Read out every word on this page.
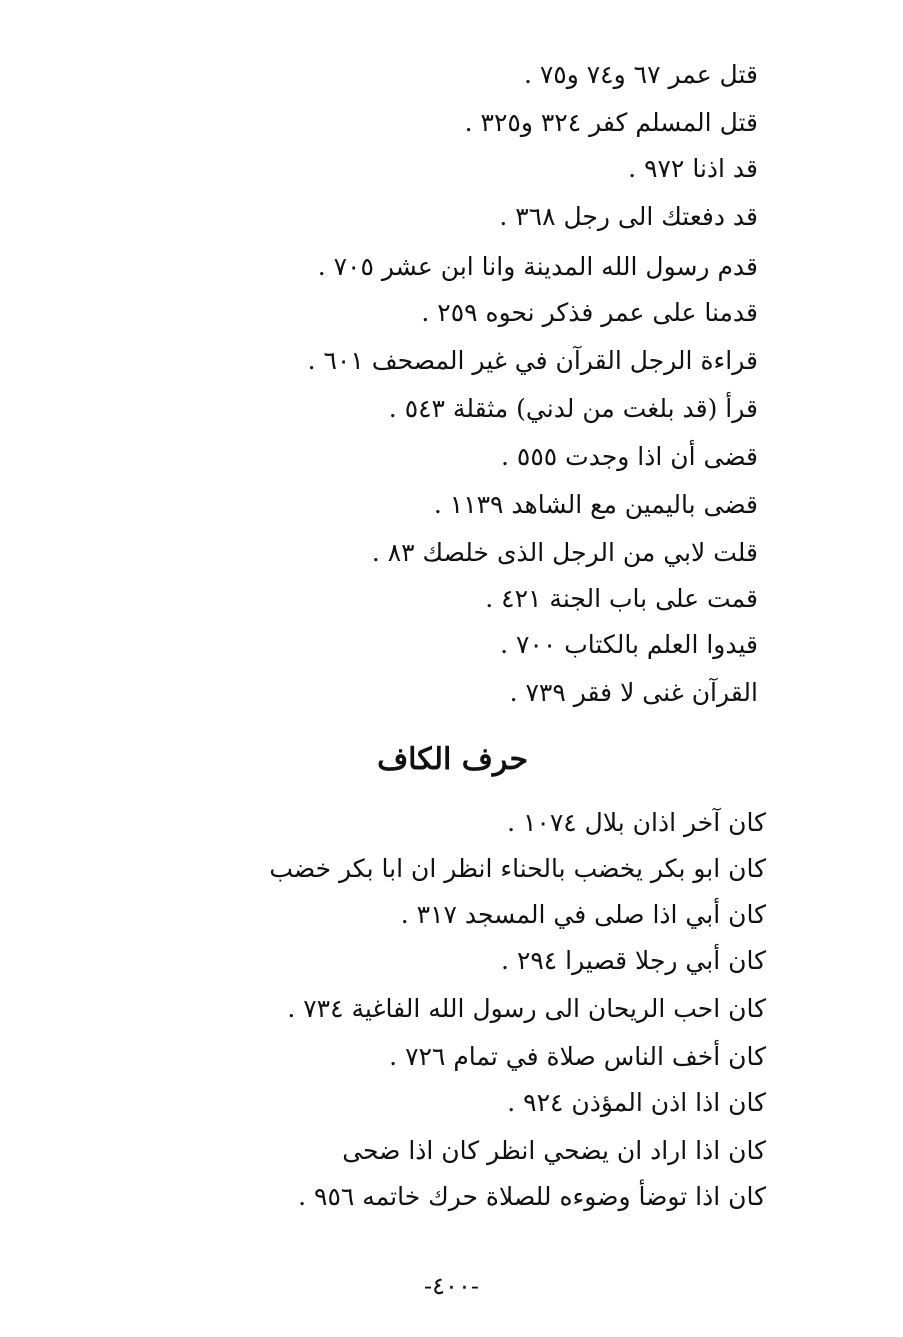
قتل عمر ٦٧ و٧٤ و٧٥ .
قتل المسلم كفر ٣٢٤ و٣٢٥ .
قد اذنا ٩٧٢ .
قد دفعتك الى رجل ٣٦٨ .
قدم رسول الله المدينة وانا ابن عشر ٧٠٥ .
قدمنا على عمر فذكر نحوه ٢٥٩ .
قراءة الرجل القرآن في غير المصحف ٦٠١ .
قرأ (قد بلغت من لدني) مثقلة ٥٤٣ .
قضى أن اذا وجدت ٥٥٥ .
قضى باليمين مع الشاهد ١١٣٩ .
قلت لابي من الرجل الذى خلصك ٨٣ .
قمت على باب الجنة ٤٢١ .
قيدوا العلم بالكتاب ٧٠٠ .
القرآن غنى لا فقر ٧٣٩ .
حرف الكاف
كان آخر اذان بلال ١٠٧٤ .
كان ابو بكر يخضب بالحناء انظر ان ابا بكر خضب
كان أبي اذا صلى في المسجد ٣١٧ .
كان أبي رجلا قصيرا ٢٩٤ .
كان احب الريحان الى رسول الله الفاغية ٧٣٤ .
كان أخف الناس صلاة في تمام ٧٢٦ .
كان اذا اذن المؤذن ٩٢٤ .
كان اذا اراد ان يضحي انظر كان اذا ضحى
كان اذا توضأ وضوءه للصلاة حرك خاتمه ٩٥٦ .
-٤٠٠-
